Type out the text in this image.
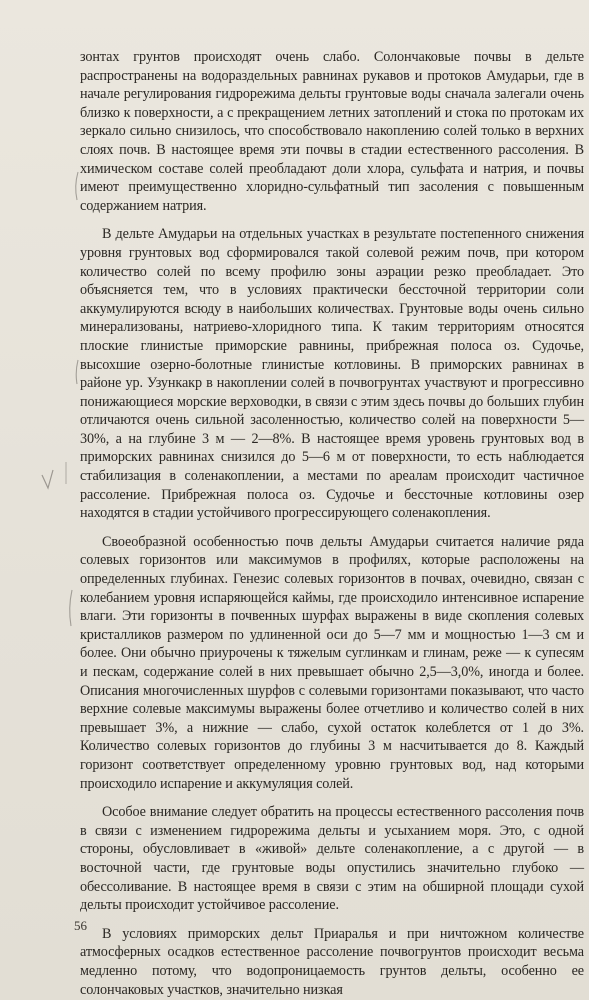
зонтах грунтов происходят очень слабо. Солончаковые почвы в дельте распространены на водораздельных равнинах рукавов и протоков Амударьи, где в начале регулирования гидрорежима дельты грунтовые воды сначала залегали очень близко к поверхности, а с прекращением летних затоплений и стока по протокам их зеркало сильно снизилось, что способствовало накоплению солей только в верхних слоях почв. В настоящее время эти почвы в стадии естественного рассоления. В химическом составе солей преобладают доли хлора, сульфата и натрия, и почвы имеют преимущественно хлоридно-сульфатный тип засоления с повышенным содержанием натрия.

В дельте Амударьи на отдельных участках в результате постепенного снижения уровня грунтовых вод сформировался такой солевой режим почв, при котором количество солей по всему профилю зоны аэрации резко преобладает. Это объясняется тем, что в условиях практически бессточной территории соли аккумулируются всюду в наибольших количествах. Грунтовые воды очень сильно минерализованы, натриево-хлоридного типа. К таким территориям относятся плоские глинистые приморские равнины, прибрежная полоса оз. Судочье, высохшие озерно-болотные глинистые котловины. В приморских равнинах в районе ур. Узункакр в накоплении солей в почвогрунтах участвуют и прогрессивно понижающиеся морские верховодки, в связи с этим здесь почвы до больших глубин отличаются очень сильной засоленностью, количество солей на поверхности 5—30%, а на глубине 3 м — 2—8%. В настоящее время уровень грунтовых вод в приморских равнинах снизился до 5—6 м от поверхности, то есть наблюдается стабилизация в соленакоплении, а местами по ареалам происходит частичное рассоление. Прибрежная полоса оз. Судочье и бессточные котловины озер находятся в стадии устойчивого прогрессирующего соленакопления.

Своеобразной особенностью почв дельты Амударьи считается наличие ряда солевых горизонтов или максимумов в профилях, которые расположены на определенных глубинах. Генезис солевых горизонтов в почвах, очевидно, связан с колебанием уровня испаряющейся каймы, где происходило интенсивное испарение влаги. Эти горизонты в почвенных шурфах выражены в виде скопления солевых кристалликов размером по удлиненной оси до 5—7 мм и мощностью 1—3 см и более. Они обычно приурочены к тяжелым суглинкам и глинам, реже — к супесям и пескам, содержание солей в них превышает обычно 2,5—3,0%, иногда и более. Описания многочисленных шурфов с солевыми горизонтами показывают, что часто верхние солевые максимумы выражены более отчетливо и количество солей в них превышает 3%, а нижние — слабо, сухой остаток колеблется от 1 до 3%. Количество солевых горизонтов до глубины 3 м насчитывается до 8. Каждый горизонт соответствует определенному уровню грунтовых вод, над которыми происходило испарение и аккумуляция солей.

Особое внимание следует обратить на процессы естественного рассоления почв в связи с изменением гидрорежима дельты и усыханием моря. Это, с одной стороны, обусловливает в «живой» дельте соленакопление, а с другой — в восточной части, где грунтовые воды опустились значительно глубоко — обессоливание. В настоящее время в связи с этим на обширной площади сухой дельты происходит устойчивое рассоление.

В условиях приморских дельт Приаралья и при ничтожном количестве атмосферных осадков естественное рассоление почвогрунтов происходит весьма медленно потому, что водопроницаемость грунтов дельты, особенно ее солончаковых участков, значительно низкая

56
